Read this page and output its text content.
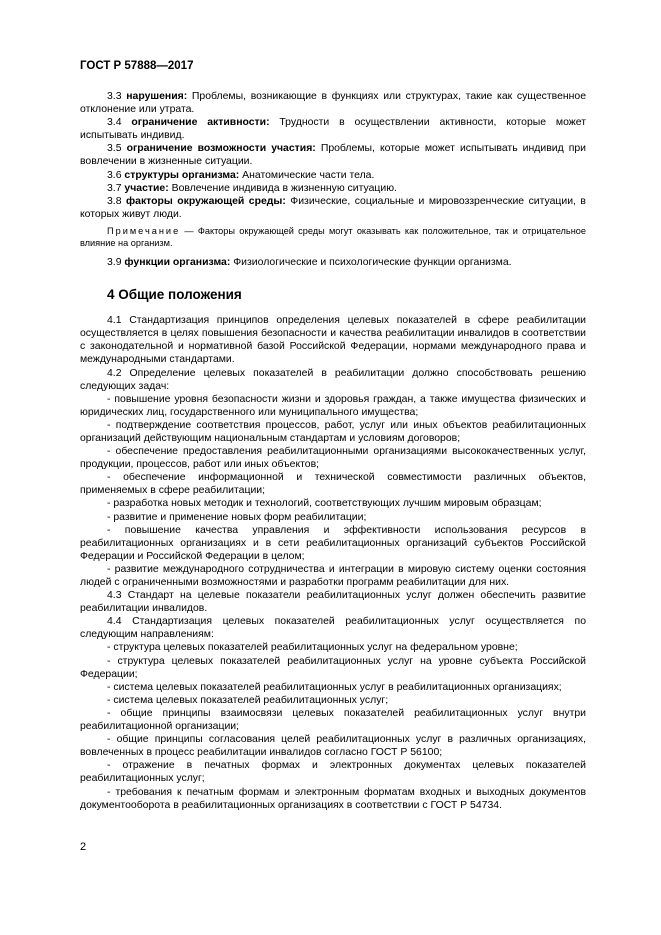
ГОСТ Р 57888—2017

3.3 нарушения: Проблемы, возникающие в функциях или структурах, такие как существенное отклонение или утрата.

3.4 ограничение активности: Трудности в осуществлении активности, которые может испытывать индивид.

3.5 ограничение возможности участия: Проблемы, которые может испытывать индивид при вовлечении в жизненные ситуации.

3.6 структуры организма: Анатомические части тела.

3.7 участие: Вовлечение индивида в жизненную ситуацию.

3.8 факторы окружающей среды: Физические, социальные и мировоззренческие ситуации, в которых живут люди.

Примечание — Факторы окружающей среды могут оказывать как положительное, так и отрицательное влияние на организм.

3.9 функции организма: Физиологические и психологические функции организма.

4 Общие положения

4.1 Стандартизация принципов определения целевых показателей в сфере реабилитации осуществляется в целях повышения безопасности и качества реабилитации инвалидов в соответствии с законодательной и нормативной базой Российской Федерации, нормами международного права и международными стандартами.

4.2 Определение целевых показателей в реабилитации должно способствовать решению следующих задач:

- повышение уровня безопасности жизни и здоровья граждан, а также имущества физических и юридических лиц, государственного или муниципального имущества;

- подтверждение соответствия процессов, работ, услуг или иных объектов реабилитационных организаций действующим национальным стандартам и условиям договоров;

- обеспечение предоставления реабилитационными организациями высококачественных услуг, продукции, процессов, работ или иных объектов;

- обеспечение информационной и технической совместимости различных объектов, применяемых в сфере реабилитации;

- разработка новых методик и технологий, соответствующих лучшим мировым образцам;

- развитие и применение новых форм реабилитации;

- повышение качества управления и эффективности использования ресурсов в реабилитационных организациях и в сети реабилитационных организаций субъектов Российской Федерации и Российской Федерации в целом;

- развитие международного сотрудничества и интеграции в мировую систему оценки состояния людей с ограниченными возможностями и разработки программ реабилитации для них.

4.3 Стандарт на целевые показатели реабилитационных услуг должен обеспечить развитие реабилитации инвалидов.

4.4 Стандартизация целевых показателей реабилитационных услуг осуществляется по следующим направлениям:

- структура целевых показателей реабилитационных услуг на федеральном уровне;

- структура целевых показателей реабилитационных услуг на уровне субъекта Российской Федерации;

- система целевых показателей реабилитационных услуг в реабилитационных организациях;

- система целевых показателей реабилитационных услуг;

- общие принципы взаимосвязи целевых показателей реабилитационных услуг внутри реабилитационной организации;

- общие принципы согласования целей реабилитационных услуг в различных организациях, вовлеченных в процесс реабилитации инвалидов согласно ГОСТ Р 56100;

- отражение в печатных формах и электронных документах целевых показателей реабилитационных услуг;

- требования к печатным формам и электронным форматам входных и выходных документов документооборота в реабилитационных организациях в соответствии с ГОСТ Р 54734.

2
